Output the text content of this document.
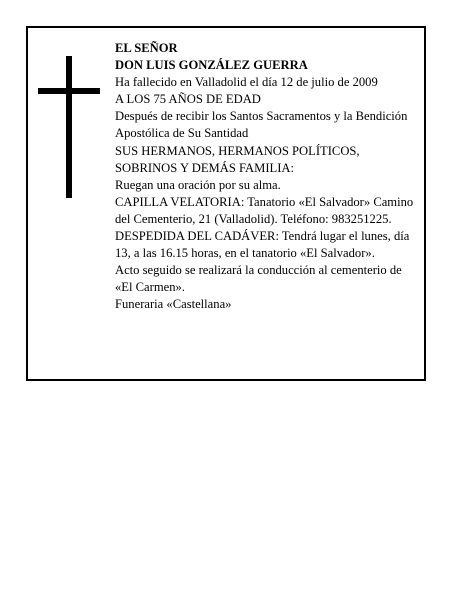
EL SEÑOR
DON LUIS GONZÁLEZ GUERRA
Ha fallecido en Valladolid el día 12 de julio de 2009
A LOS 75 AÑOS DE EDAD
Después de recibir los Santos Sacramentos y la Bendición Apostólica de Su Santidad
SUS HERMANOS, HERMANOS POLÍTICOS, SOBRINOS Y DEMÁS FAMILIA:
Ruegan una oración por su alma.
CAPILLA VELATORIA: Tanatorio «El Salvador» Camino del Cementerio, 21 (Valladolid). Teléfono: 983251225.
DESPEDIDA DEL CADÁVER: Tendrá lugar el lunes, día 13, a las 16.15 horas, en el tanatorio «El Salvador».
Acto seguido se realizará la conducción al cementerio de «El Carmen».
Funeraria «Castellana»
